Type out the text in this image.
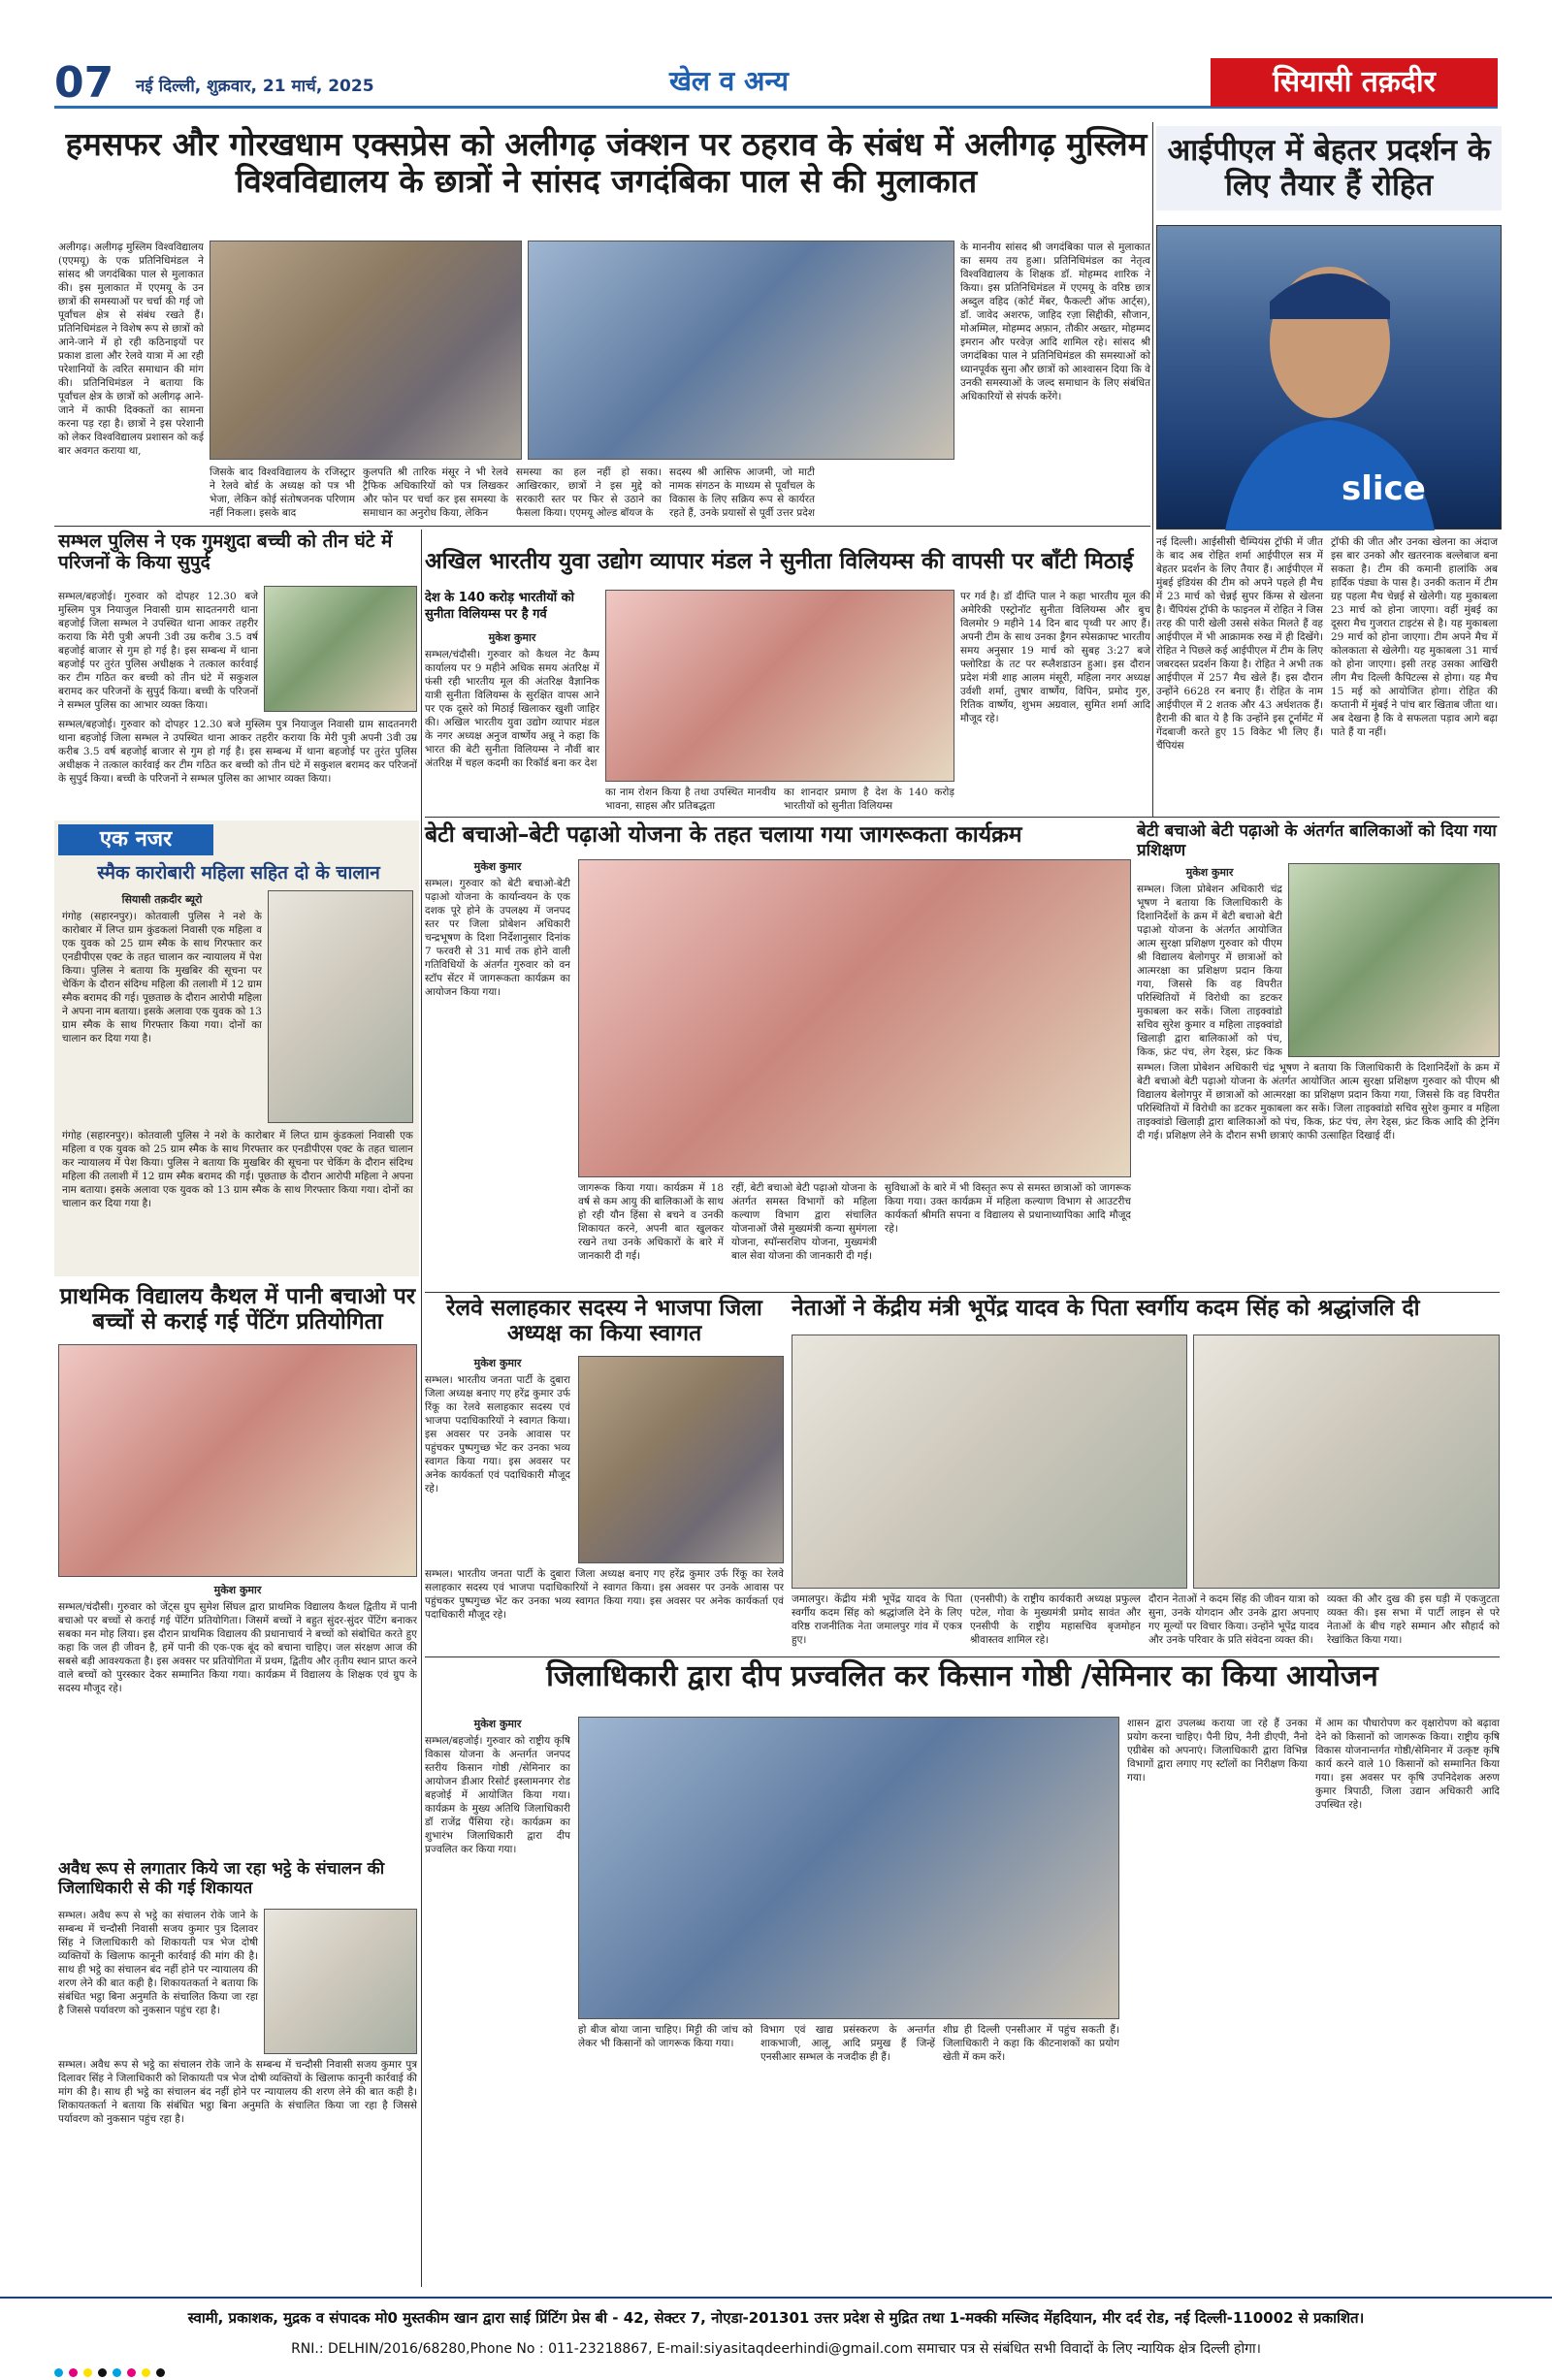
07 नई दिल्ली, शुक्रवार, 21 मार्च, 2025	खेल व अन्य	सियासी तक़दीर
हमसफर और गोरखधाम एक्सप्रेस को अलीगढ़ जंक्शन पर ठहराव के संबंध में अलीगढ़ मुस्लिम विश्वविद्यालय के छात्रों ने सांसद जगदंबिका पाल से की मुलाकात
अलीगढ़। अलीगढ़ मुस्लिम विश्वविद्यालय (एएमयू) के एक प्रतिनिधिमंडल ने सांसद श्री जगदंबिका पाल से मुलाकात की। इस मुलाकात में एएमयू के उन छात्रों की समस्याओं पर चर्चा की गई जो पूर्वांचल क्षेत्र से संबंध रखते हैं। प्रतिनिधिमंडल ने विशेष रूप से छात्रों को आने-जाने में हो रही कठिनाइयों पर प्रकाश डाला और रेलवे यात्रा में आ रही परेशानियों के त्वरित समाधान की मांग की। प्रतिनिधिमंडल ने बताया कि पूर्वांचल क्षेत्र के छात्रों को अलीगढ़ आने-जाने में काफी दिक्कतों का सामना करना पड़ रहा है। छात्रों ने इस परेशानी को लेकर विश्वविद्यालय प्रशासन को कई बार अवगत कराया था,
जिसके बाद विश्वविद्यालय के रजिस्ट्रार ने रेलवे बोर्ड के अध्यक्ष को पत्र भी भेजा, लेकिन कोई संतोषजनक परिणाम नहीं निकला। इसके बाद
कुलपति श्री तारिक मंसूर ने भी रेलवे ट्रैफिक अधिकारियों को पत्र लिखकर और फोन पर चर्चा कर इस समस्या के समाधान का अनुरोध किया, लेकिन
समस्या का हल नहीं हो सका। आखिरकार, छात्रों ने इस मुद्दे को सरकारी स्तर पर फिर से उठाने का फैसला किया। एएमयू ओल्ड बॉयज के
सदस्य श्री आसिफ आजमी, जो माटी नामक संगठन के माध्यम से पूर्वांचल के विकास के लिए सक्रिय रूप से कार्यरत रहते हैं, उनके प्रयासों से पूर्वी उत्तर प्रदेश
के माननीय सांसद श्री जगदंबिका पाल से मुलाकात का समय तय हुआ। प्रतिनिधिमंडल का नेतृत्व विश्वविद्यालय के शिक्षक डॉ. मोहम्मद शारिक ने किया। इस प्रतिनिधिमंडल में एएमयू के वरिष्ठ छात्र अब्दुल वहिद (कोर्ट मेंबर, फैकल्टी ऑफ आर्ट्स), डॉ. जावेद अशरफ, जाहिद रज़ा सिद्दीकी, सौजान, मोअम्मिल, मोहम्मद अफ़ान, तौकीर अख्तर, मोहम्मद इमरान और परवेज़ आदि शामिल रहे। सांसद श्री जगदंबिका पाल ने प्रतिनिधिमंडल की समस्याओं को ध्यानपूर्वक सुना और छात्रों को आश्वासन दिया कि वे उनकी समस्याओं के जल्द समाधान के लिए संबंधित अधिकारियों से संपर्क करेंगे।
आईपीएल में बेहतर प्रदर्शन के लिए तैयार हैं रोहित
slice
नई दिल्ली। आईसीसी चैम्पियंस ट्रॉफी में जीत के बाद अब रोहित शर्मा आईपीएल सत्र में बेहतर प्रदर्शन के लिए तैयार हैं। आईपीएल में मुंबई इंडियंस की टीम को अपने पहले ही मैच में 23 मार्च को चेन्नई सुपर किंग्स से खेलना है। चैंपियंस ट्रॉफी के फाइनल में रोहित ने जिस तरह की पारी खेली उससे संकेत मिलते हैं वह आईपीएल में भी आक्रामक रुख में ही दिखेंगे। रोहित ने पिछले कई आईपीएल में टीम के लिए जबरदस्त प्रदर्शन किया है। रोहित ने अभी तक आईपीएल में 257 मैच खेले हैं। इस दौरान उन्होंने 6628 रन बनाए हैं। रोहित के नाम आईपीएल में 2 शतक और 43 अर्धशतक हैं। हैरानी की बात ये है कि उन्होंने इस टूर्नामेंट में गेंदबाजी करते हुए 15 विकेट भी लिए हैं। चैंपियंस
ट्रॉफी की जीत और उनका खेलना का अंदाज इस बार उनको और खतरनाक बल्लेबाज बना सकता है। टीम की कमानी हालांकि अब हार्दिक पंड्या के पास है। उनकी कतान में टीम ग्रह पहला मैच चेन्नई से खेलेगी। यह मुकाबला 23 मार्च को होना जाएगा। वहीं मुंबई का दूसरा मैच गुजरात टाइटंस से है। यह मुकाबला 29 मार्च को होना जाएगा। टीम अपने मैच में कोलकाता से खेलेगी। यह मुकाबला 31 मार्च को होना जाएगा। इसी तरह उसका आखिरी लीग मैच दिल्ली कैपिटल्स से होगा। यह मैच 15 मई को आयोजित होगा। रोहित की कप्तानी में मुंबई ने पांच बार खिताब जीता था। अब देखना है कि वे सफलता पड़ाव आगे बढ़ा पाते हैं या नहीं।
सम्भल पुलिस ने एक गुमशुदा बच्ची को तीन घंटे में परिजनों के किया सुपुर्द
सम्भल/बहजोई। गुरुवार को दोपहर 12.30 बजे मुस्लिम पुत्र नियाजुल निवासी ग्राम सादतनगरी थाना बहजोई जिला सम्भल ने उपस्थित थाना आकर तहरीर कराया कि मेरी पुत्री अपनी 3वी उम्र करीब 3.5 वर्ष बहजोई बाजार से गुम हो गई है। इस सम्बन्ध में थाना बहजोई पर तुरंत पुलिस अधीक्षक ने तत्काल कार्रवाई कर टीम गठित कर बच्ची को तीन घंटे में सकुशल बरामद कर परिजनों के सुपुर्द किया। बच्ची के परिजनों ने सम्भल पुलिस का आभार व्यक्त किया।
सम्भल/बहजोई। गुरुवार को दोपहर 12.30 बजे मुस्लिम पुत्र नियाजुल निवासी ग्राम सादतनगरी थाना बहजोई जिला सम्भल ने उपस्थित थाना आकर तहरीर कराया कि मेरी पुत्री अपनी 3वी उम्र करीब 3.5 वर्ष बहजोई बाजार से गुम हो गई है। इस सम्बन्ध में थाना बहजोई पर तुरंत पुलिस अधीक्षक ने तत्काल कार्रवाई कर टीम गठित कर बच्ची को तीन घंटे में सकुशल बरामद कर परिजनों के सुपुर्द किया। बच्ची के परिजनों ने सम्भल पुलिस का आभार व्यक्त किया।
अखिल भारतीय युवा उद्योग व्यापार मंडल ने सुनीता विलियम्स की वापसी पर बाँटी मिठाई
देश के 140 करोड़ भारतीयों को सुनीता विलियम्स पर है गर्व
मुकेश कुमार
सम्भल/चंदौसी। गुरुवार को कैथल नेट कैम्प कार्यालय पर 9 महीने अधिक समय अंतरिक्ष में फंसी रही भारतीय मूल की अंतरिक्ष वैज्ञानिक यात्री सुनीता विलियम्स के सुरक्षित वापस आने पर एक दूसरे को मिठाई खिलाकर खुशी जाहिर की। अखिल भारतीय युवा उद्योग व्यापार मंडल के नगर अध्यक्ष अनुज वार्ष्णेय अन्नू ने कहा कि भारत की बेटी सुनीता विलियम्स ने नौवीं बार अंतरिक्ष में चहल कदमी का रिकॉर्ड बना कर देश
का नाम रोशन किया है तथा उपस्थित मानवीय भावना, साहस और प्रतिबद्धता
का शानदार प्रमाण है देश के 140 करोड़ भारतीयों को सुनीता विलियम्स
पर गर्व है। डॉ दीप्ति पाल ने कहा भारतीय मूल की अमेरिकी एस्ट्रोनॉट सुनीता विलियम्स और बुच विलमोर 9 महीने 14 दिन बाद पृथ्वी पर आए हैं। अपनी टीम के साथ उनका ड्रैगन स्पेसक्राफ्ट भारतीय समय अनुसार 19 मार्च को सुबह 3:27 बजे फ्लोरिडा के तट पर स्प्लैशडाउन हुआ। इस दौरान प्रदेश मंत्री शाह आलम मंसूरी, महिला नगर अध्यक्ष उर्वशी शर्मा, तुषार वार्ष्णेय, विपिन, प्रमोद गुरु, रितिक वार्ष्णेय, शुभम अग्रवाल, सुमित शर्मा आदि मौजूद रहे।
एक नजर
स्मैक कारोबारी महिला सहित दो के चालान
सियासी तक़दीर ब्यूरो
गंगोह (सहारनपुर)। कोतवाली पुलिस ने नशे के कारोबार में लिप्त ग्राम कुंडकलां निवासी एक महिला व एक युवक को 25 ग्राम स्मैक के साथ गिरफ्तार कर एनडीपीएस एक्ट के तहत चालान कर न्यायालय में पेश किया। पुलिस ने बताया कि मुखबिर की सूचना पर चेकिंग के दौरान संदिग्ध महिला की तलाशी में 12 ग्राम स्मैक बरामद की गई। पूछताछ के दौरान आरोपी महिला ने अपना नाम बताया। इसके अलावा एक युवक को 13 ग्राम स्मैक के साथ गिरफ्तार किया गया। दोनों का चालान कर दिया गया है।
गंगोह (सहारनपुर)। कोतवाली पुलिस ने नशे के कारोबार में लिप्त ग्राम कुंडकलां निवासी एक महिला व एक युवक को 25 ग्राम स्मैक के साथ गिरफ्तार कर एनडीपीएस एक्ट के तहत चालान कर न्यायालय में पेश किया। पुलिस ने बताया कि मुखबिर की सूचना पर चेकिंग के दौरान संदिग्ध महिला की तलाशी में 12 ग्राम स्मैक बरामद की गई। पूछताछ के दौरान आरोपी महिला ने अपना नाम बताया। इसके अलावा एक युवक को 13 ग्राम स्मैक के साथ गिरफ्तार किया गया। दोनों का चालान कर दिया गया है।
प्राथमिक विद्यालय कैथल में पानी बचाओ पर बच्चों से कराई गई पेंटिंग प्रतियोगिता
मुकेश कुमार
सम्भल/चंदौसी। गुरुवार को जेंट्स ग्रुप सुमेश सिंघल द्वारा प्राथमिक विद्यालय कैथल द्वितीय में पानी बचाओ पर बच्चों से कराई गई पेंटिंग प्रतियोगिता। जिसमें बच्चों ने बहुत सुंदर-सुंदर पेंटिंग बनाकर सबका मन मोह लिया। इस दौरान प्राथमिक विद्यालय की प्रधानाचार्य ने बच्चों को संबोधित करते हुए कहा कि जल ही जीवन है, हमें पानी की एक-एक बूंद को बचाना चाहिए। जल संरक्षण आज की सबसे बड़ी आवश्यकता है। इस अवसर पर प्रतियोगिता में प्रथम, द्वितीय और तृतीय स्थान प्राप्त करने वाले बच्चों को पुरस्कार देकर सम्मानित किया गया। कार्यक्रम में विद्यालय के शिक्षक एवं ग्रुप के सदस्य मौजूद रहे।
अवैध रूप से लगातार किये जा रहा भट्ठे के संचालन की जिलाधिकारी से की गई शिकायत
सम्भल। अवैध रूप से भट्ठे का संचालन रोके जाने के सम्बन्ध में चन्दौसी निवासी सजय कुमार पुत्र दिलावर सिंह ने जिलाधिकारी को शिकायती पत्र भेज दोषी व्यक्तियों के खिलाफ कानूनी कार्रवाई की मांग की है। साथ ही भट्ठे का संचालन बंद नहीं होने पर न्यायालय की शरण लेने की बात कही है। शिकायतकर्ता ने बताया कि संबंधित भट्ठा बिना अनुमति के संचालित किया जा रहा है जिससे पर्यावरण को नुकसान पहुंच रहा है।
सम्भल। अवैध रूप से भट्ठे का संचालन रोके जाने के सम्बन्ध में चन्दौसी निवासी सजय कुमार पुत्र दिलावर सिंह ने जिलाधिकारी को शिकायती पत्र भेज दोषी व्यक्तियों के खिलाफ कानूनी कार्रवाई की मांग की है। साथ ही भट्ठे का संचालन बंद नहीं होने पर न्यायालय की शरण लेने की बात कही है। शिकायतकर्ता ने बताया कि संबंधित भट्ठा बिना अनुमति के संचालित किया जा रहा है जिससे पर्यावरण को नुकसान पहुंच रहा है।
बेटी बचाओ–बेटी पढ़ाओ योजना के तहत चलाया गया जागरूकता कार्यक्रम
मुकेश कुमार
सम्भल। गुरुवार को बेटी बचाओ-बेटी पढ़ाओ योजना के कार्यान्वयन के एक दशक पूरे होने के उपलक्ष्य में जनपद स्तर पर जिला प्रोबेशन अधिकारी चन्द्रभूषण के दिशा निर्देशानुसार दिनांक 7 फरवरी से 31 मार्च तक होने वाली गतिविधियों के अंतर्गत गुरुवार को वन स्टॉप सेंटर में जागरूकता कार्यक्रम का आयोजन किया गया।
जागरूक किया गया। कार्यक्रम में 18 वर्ष से कम आयु की बालिकाओं के साथ हो रही यौन हिंसा से बचने व उनकी शिकायत करने, अपनी बात खुलकर रखने तथा उनके अधिकारों के बारे में जानकारी दी गई।
रहीं, बेटी बचाओ बेटी पढ़ाओ योजना के अंतर्गत समस्त विभागों को महिला कल्याण विभाग द्वारा संचालित योजनाओं जैसे मुख्यमंत्री कन्या सुमंगला योजना, स्पॉन्सरशिप योजना, मुख्यमंत्री बाल सेवा योजना की जानकारी दी गई।
सुविधाओं के बारे में भी विस्तृत रूप से समस्त छात्राओं को जागरूक किया गया। उक्त कार्यक्रम में महिला कल्याण विभाग से आउटरीच कार्यकर्ता श्रीमति सपना व विद्यालय से प्रधानाध्यापिका आदि मौजूद रहे।
बेटी बचाओ बेटी पढ़ाओ के अंतर्गत बालिकाओं को दिया गया प्रशिक्षण
मुकेश कुमार
सम्भल। जिला प्रोबेशन अधिकारी चंद्र भूषण ने बताया कि जिलाधिकारी के दिशानिर्देशों के क्रम में बेटी बचाओ बेटी पढ़ाओ योजना के अंतर्गत आयोजित आत्म सुरक्षा प्रशिक्षण गुरुवार को पीएम श्री विद्यालय बेलोगपुर में छात्राओं को आत्मरक्षा का प्रशिक्षण प्रदान किया गया, जिससे कि वह विपरीत परिस्थितियों में विरोधी का डटकर मुकाबला कर सकें। जिला ताइक्वांडो सचिव सुरेश कुमार व महिला ताइक्वांडो खिलाड़ी द्वारा बालिकाओं को पंच, किक, फ्रंट पंच, लेग रेड्स, फ्रंट किक
सम्भल। जिला प्रोबेशन अधिकारी चंद्र भूषण ने बताया कि जिलाधिकारी के दिशानिर्देशों के क्रम में बेटी बचाओ बेटी पढ़ाओ योजना के अंतर्गत आयोजित आत्म सुरक्षा प्रशिक्षण गुरुवार को पीएम श्री विद्यालय बेलोगपुर में छात्राओं को आत्मरक्षा का प्रशिक्षण प्रदान किया गया, जिससे कि वह विपरीत परिस्थितियों में विरोधी का डटकर मुकाबला कर सकें। जिला ताइक्वांडो सचिव सुरेश कुमार व महिला ताइक्वांडो खिलाड़ी द्वारा बालिकाओं को पंच, किक, फ्रंट पंच, लेग रेड्स, फ्रंट किक आदि की ट्रेनिंग दी गई। प्रशिक्षण लेने के दौरान सभी छात्राएं काफी उत्साहित दिखाई दीं।
रेलवे सलाहकार सदस्य ने भाजपा जिला अध्यक्ष का किया स्वागत
मुकेश कुमार
सम्भल। भारतीय जनता पार्टी के दुबारा जिला अध्यक्ष बनाए गए हरेंद्र कुमार उर्फ रिंकू का रेलवे सलाहकार सदस्य एवं भाजपा पदाधिकारियों ने स्वागत किया। इस अवसर पर उनके आवास पर पहुंचकर पुष्पगुच्छ भेंट कर उनका भव्य स्वागत किया गया। इस अवसर पर अनेक कार्यकर्ता एवं पदाधिकारी मौजूद रहे।
सम्भल। भारतीय जनता पार्टी के दुबारा जिला अध्यक्ष बनाए गए हरेंद्र कुमार उर्फ रिंकू का रेलवे सलाहकार सदस्य एवं भाजपा पदाधिकारियों ने स्वागत किया। इस अवसर पर उनके आवास पर पहुंचकर पुष्पगुच्छ भेंट कर उनका भव्य स्वागत किया गया। इस अवसर पर अनेक कार्यकर्ता एवं पदाधिकारी मौजूद रहे।
नेताओं ने केंद्रीय मंत्री भूपेंद्र यादव के पिता स्वर्गीय कदम सिंह को श्रद्धांजलि दी
जमालपुर। केंद्रीय मंत्री भूपेंद्र यादव के पिता स्वर्गीय कदम सिंह को श्रद्धांजलि देने के लिए वरिष्ठ राजनीतिक नेता जमालपुर गांव में एकत्र हुए।
(एनसीपी) के राष्ट्रीय कार्यकारी अध्यक्ष प्रफुल्ल पटेल, गोवा के मुख्यमंत्री प्रमोद सावंत और एनसीपी के राष्ट्रीय महासचिव बृजमोहन श्रीवास्तव शामिल रहे।
दौरान नेताओं ने कदम सिंह की जीवन यात्रा को सुना, उनके योगदान और उनके द्वारा अपनाए गए मूल्यों पर विचार किया। उन्होंने भूपेंद्र यादव और उनके परिवार के प्रति संवेदना व्यक्त की।
व्यक्त की और दुख की इस घड़ी में एकजुटता व्यक्त की। इस सभा में पार्टी लाइन से परे नेताओं के बीच गहरे सम्मान और सौहार्द को रेखांकित किया गया।
जिलाधिकारी द्वारा दीप प्रज्वलित कर किसान गोष्ठी /सेमिनार का किया आयोजन
मुकेश कुमार
सम्भल/बहजोई। गुरुवार को राष्ट्रीय कृषि विकास योजना के अन्तर्गत जनपद स्तरीय किसान गोष्ठी /सेमिनार का आयोजन डीआर रिसोर्ट इस्लामनगर रोड बहजोई में आयोजित किया गया। कार्यक्रम के मुख्य अतिथि जिलाधिकारी डॉ राजेंद्र पैंसिया रहे। कार्यक्रम का शुभारंभ जिलाधिकारी द्वारा दीप प्रज्वलित कर किया गया।
हो बीज बोया जाना चाहिए। मिट्टी की जांच को लेकर भी किसानों को जागरूक किया गया।
विभाग एवं खाद्य प्रसंस्करण के अन्तर्गत शाकभाजी, आलू, आदि प्रमुख हैं जिन्हें एनसीआर सम्भल के नजदीक ही हैं।
शीघ्र ही दिल्ली एनसीआर में पहुंच सकती हैं। जिलाधिकारी ने कहा कि कीटनाशकों का प्रयोग खेती में कम करें।
शासन द्वारा उपलब्ध कराया जा रहे हैं उनका प्रयोग करना चाहिए। पैनी ग्रिप, नैनी डीएपी, नैनो एग्रीबेस को अपनाएं। जिलाधिकारी द्वारा विभिन्न विभागों द्वारा लगाए गए स्टॉलों का निरीक्षण किया गया।
में आम का पौधारोपण कर वृक्षारोपण को बढ़ावा देने को किसानों को जागरूक किया। राष्ट्रीय कृषि विकास योजनान्तर्गत गोष्ठी/सेमिनार में उत्कृष्ट कृषि कार्य करने वाले 10 किसानों को सम्मानित किया गया। इस अवसर पर कृषि उपनिदेशक अरुण कुमार त्रिपाठी, जिला उद्यान अधिकारी आदि उपस्थित रहे।
स्वामी, प्रकाशक, मुद्रक व संपादक मो0 मुस्तकीम खान द्वारा साई प्रिंटिंग प्रेस बी - 42, सेक्टर 7, नोएडा-201301 उत्तर प्रदेश से मुद्रित तथा 1-मक्की मस्जिद मेंहदियान, मीर दर्द रोड, नई दिल्ली-110002 से प्रकाशित।
RNI.: DELHIN/2016/68280,Phone No : 011-23218867, E-mail:siyasitaqdeerhindi@gmail.com समाचार पत्र से संबंधित सभी विवादों के लिए न्यायिक क्षेत्र दिल्ली होगा।
